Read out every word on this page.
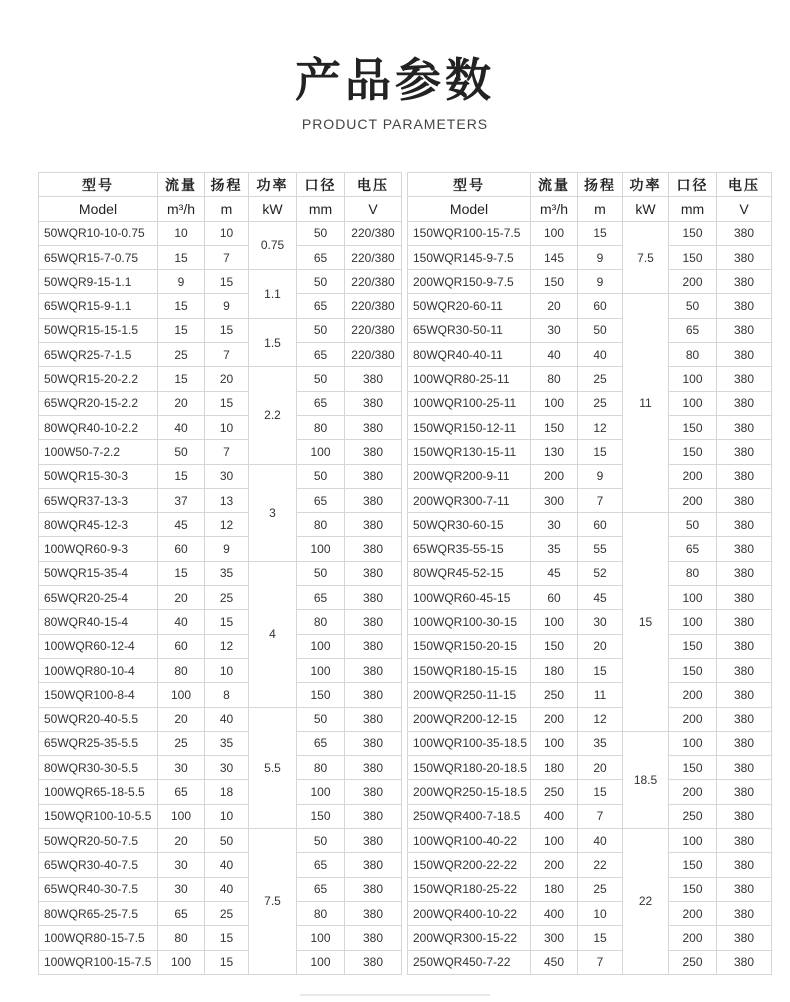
产品参数
PRODUCT PARAMETERS
型号	流量	扬程	功率	口径	电压
Model	m³/h	m	kW	mm	V
50WQR10-10-0.75	10	10	0.75	50	220/380
65WQR15-7-0.75	15	7		65	220/380
50WQR9-15-1.1	9	15	1.1	50	220/380
65WQR15-9-1.1	15	9		65	220/380
50WQR15-15-1.5	15	15	1.5	50	220/380
65WQR25-7-1.5	25	7		65	220/380
50WQR15-20-2.2	15	20	2.2	50	380
65WQR20-15-2.2	20	15		65	380
80WQR40-10-2.2	40	10		80	380
100W50-7-2.2	50	7		100	380
50WQR15-30-3	15	30	3	50	380
65WQR37-13-3	37	13		65	380
80WQR45-12-3	45	12		80	380
100WQR60-9-3	60	9		100	380
50WQR15-35-4	15	35	4	50	380
65WQR20-25-4	20	25		65	380
80WQR40-15-4	40	15		80	380
100WQR60-12-4	60	12		100	380
100WQR80-10-4	80	10		100	380
150WQR100-8-4	100	8		150	380
50WQR20-40-5.5	20	40	5.5	50	380
65WQR25-35-5.5	25	35		65	380
80WQR30-30-5.5	30	30		80	380
100WQR65-18-5.5	65	18		100	380
150WQR100-10-5.5	100	10		150	380
50WQR20-50-7.5	20	50	7.5	50	380
65WQR30-40-7.5	30	40		65	380
65WQR40-30-7.5	30	40		65	380
80WQR65-25-7.5	65	25		80	380
100WQR80-15-7.5	80	15		100	380
100WQR100-15-7.5	100	15		100	380
型号	流量	扬程	功率	口径	电压
Model	m³/h	m	kW	mm	V
150WQR100-15-7.5	100	15	7.5	150	380
150WQR145-9-7.5	145	9		150	380
200WQR150-9-7.5	150	9		200	380
50WQR20-60-11	20	60	11	50	380
65WQR30-50-11	30	50		65	380
80WQR40-40-11	40	40		80	380
100WQR80-25-11	80	25		100	380
100WQR100-25-11	100	25		100	380
150WQR150-12-11	150	12		150	380
150WQR130-15-11	130	15		150	380
200WQR200-9-11	200	9		200	380
200WQR300-7-11	300	7		200	380
50WQR30-60-15	30	60	15	50	380
65WQR35-55-15	35	55		65	380
80WQR45-52-15	45	52		80	380
100WQR60-45-15	60	45		100	380
100WQR100-30-15	100	30		100	380
150WQR150-20-15	150	20		150	380
150WQR180-15-15	180	15		150	380
200WQR250-11-15	250	11		200	380
200WQR200-12-15	200	12		200	380
100WQR100-35-18.5	100	35	18.5	100	380
150WQR180-20-18.5	180	20		150	380
200WQR250-15-18.5	250	15		200	380
250WQR400-7-18.5	400	7		250	380
100WQR100-40-22	100	40	22	100	380
150WQR200-22-22	200	22		150	380
150WQR180-25-22	180	25		150	380
200WQR400-10-22	400	10		200	380
200WQR300-15-22	300	15		200	380
250WQR450-7-22	450	7		250	380
